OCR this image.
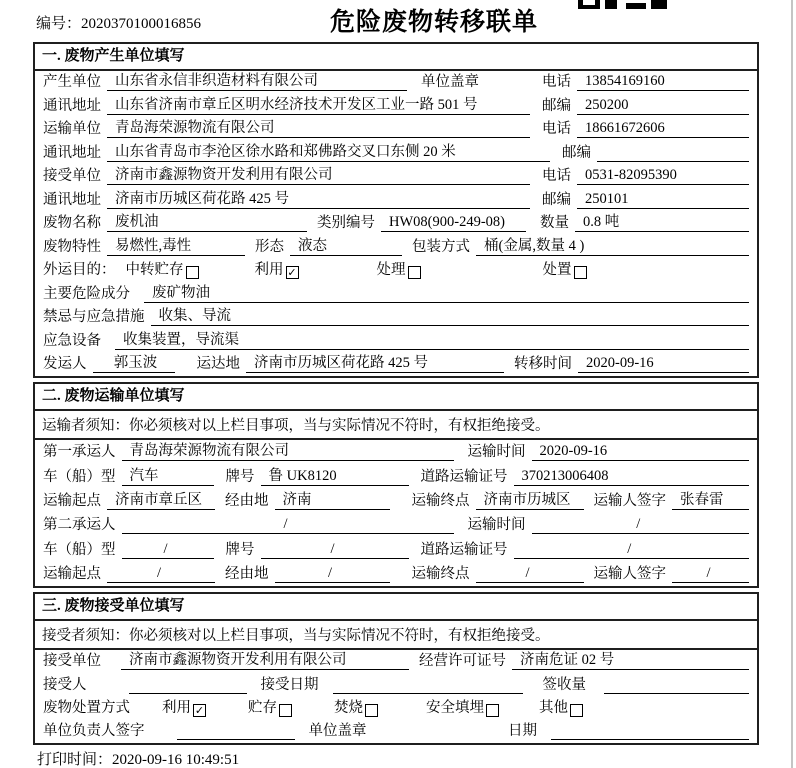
编号：2020370100016856	危险废物转移联单
一. 废物产生单位填写
产生单位 山东省永信非织造材料有限公司	单位盖章	电话 13854169160
通讯地址 山东省济南市章丘区明水经济技术开发区工业一路 501 号	邮编 250200
运输单位 青岛海荣源物流有限公司	电话 18661672606
通讯地址 山东省青岛市李沧区徐水路和郑佛路交叉口东侧 20 米	邮编
接受单位 济南市鑫源物资开发利用有限公司	电话 0531-82095390
通讯地址 济南市历城区荷花路 425 号	邮编 250101
废物名称 废机油	类别编号 HW08(900-249-08)	数量 0.8 吨
废物特性 易燃性,毒性	形态 液态	包装方式 桶(金属,数量 4 )
外运目的： 中转贮存	利用 ✓	处理	处置
主要危险成分	废矿物油
禁忌与应急措施 收集、导流
应急设备	收集装置，导流渠
发运人	郭玉波	运达地 济南市历城区荷花路 425 号	转移时间 2020-09-16
二. 废物运输单位填写
运输者须知：你必须核对以上栏目事项，当与实际情况不符时，有权拒绝接受。
第一承运人 青岛海荣源物流有限公司	运输时间 2020-09-16
车（船）型 汽车	牌号 鲁 UK8120	道路运输证号 370213006408
运输起点 济南市章丘区	经由地 济南	运输终点 济南市历城区	运输人签字 张春雷
第二承运人	/	运输时间	/
车（船）型	/	牌号	/	道路运输证号	/
运输起点	/	经由地	/	运输终点	/	运输人签字	/
三. 废物接受单位填写
接受者须知：你必须核对以上栏目事项，当与实际情况不符时，有权拒绝接受。
接受单位	济南市鑫源物资开发利用有限公司	经营许可证号 济南危证 02 号
接受人	接受日期	签收量
废物处置方式 利用 ✓	贮存	焚烧	安全填埋	其他
单位负责人签字	单位盖章	日期
打印时间：2020-09-16 10:49:51
